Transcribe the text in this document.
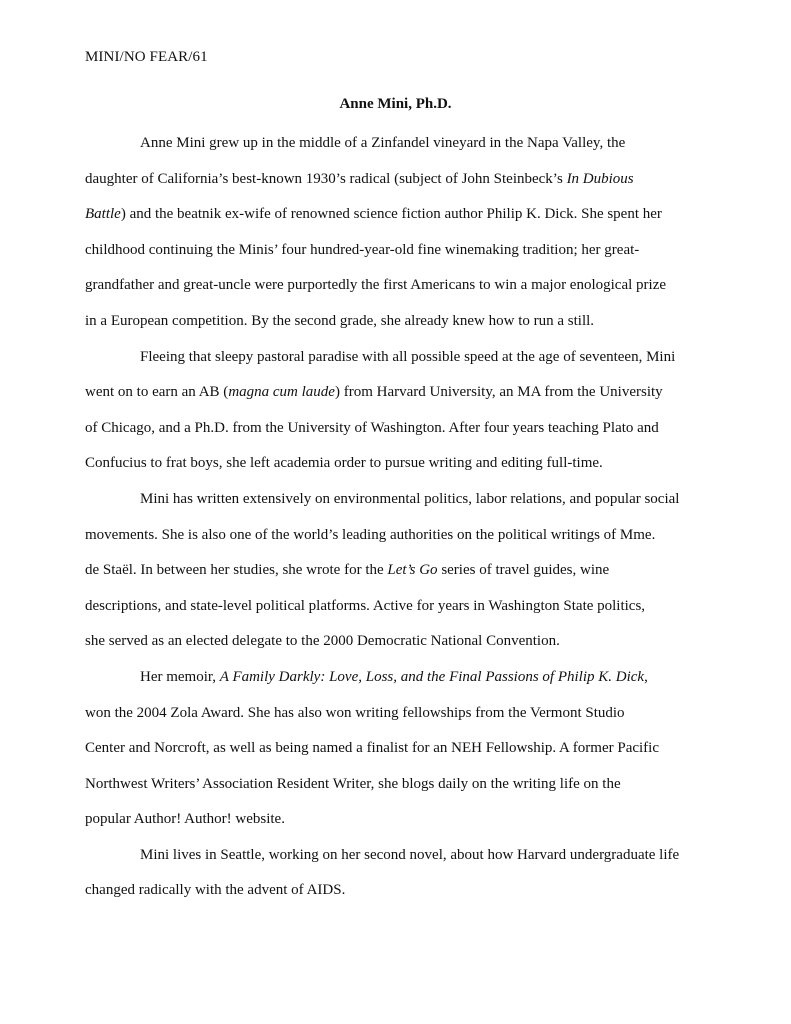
MINI/NO FEAR/61
Anne Mini, Ph.D.

Anne Mini grew up in the middle of a Zinfandel vineyard in the Napa Valley, the
daughter of California’s best-known 1930’s radical (subject of John Steinbeck’s In Dubious
Battle) and the beatnik ex-wife of renowned science fiction author Philip K. Dick. She spent her
childhood continuing the Minis’ four hundred-year-old fine winemaking tradition; her great-
grandfather and great-uncle were purportedly the first Americans to win a major enological prize
in a European competition. By the second grade, she already knew how to run a still.

Fleeing that sleepy pastoral paradise with all possible speed at the age of seventeen, Mini
went on to earn an AB (magna cum laude) from Harvard University, an MA from the University
of Chicago, and a Ph.D. from the University of Washington. After four years teaching Plato and
Confucius to frat boys, she left academia order to pursue writing and editing full-time.

Mini has written extensively on environmental politics, labor relations, and popular social
movements. She is also one of the world’s leading authorities on the political writings of Mme.
de Staël. In between her studies, she wrote for the Let’s Go series of travel guides, wine
descriptions, and state-level political platforms. Active for years in Washington State politics,
she served as an elected delegate to the 2000 Democratic National Convention.

Her memoir, A Family Darkly: Love, Loss, and the Final Passions of Philip K. Dick,
won the 2004 Zola Award. She has also won writing fellowships from the Vermont Studio
Center and Norcroft, as well as being named a finalist for an NEH Fellowship. A former Pacific
Northwest Writers’ Association Resident Writer, she blogs daily on the writing life on the
popular Author! Author! website.

Mini lives in Seattle, working on her second novel, about how Harvard undergraduate life
changed radically with the advent of AIDS.
